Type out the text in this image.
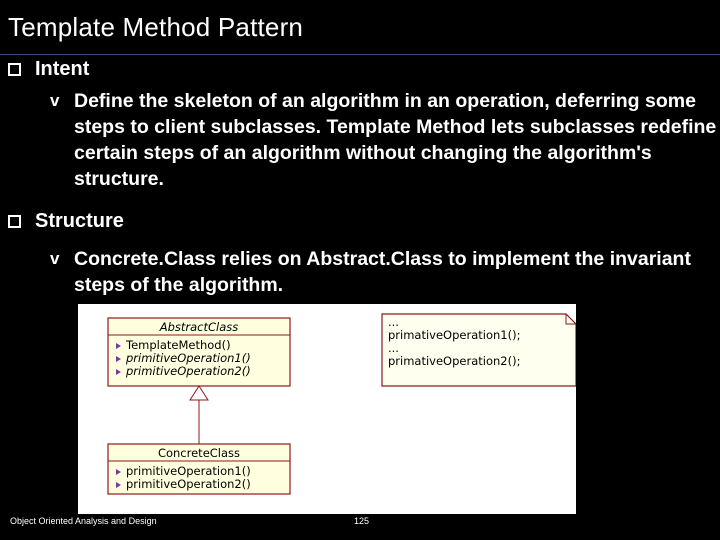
Template Method Pattern
Intent
v Define the skeleton of an algorithm in an operation, deferring some steps to client subclasses. Template Method lets subclasses redefine certain steps of an algorithm without changing the algorithm's structure.
Structure
v Concrete.Class relies on Abstract.Class to implement the invariant steps of the algorithm.
AbstractClass
TemplateMethod()
primitiveOperation1()
primitiveOperation2()
ConcreteClass
primitiveOperation1()
primitiveOperation2()
...
primativeOperation1();
...
primativeOperation2();
Object Oriented Analysis and Design	125
